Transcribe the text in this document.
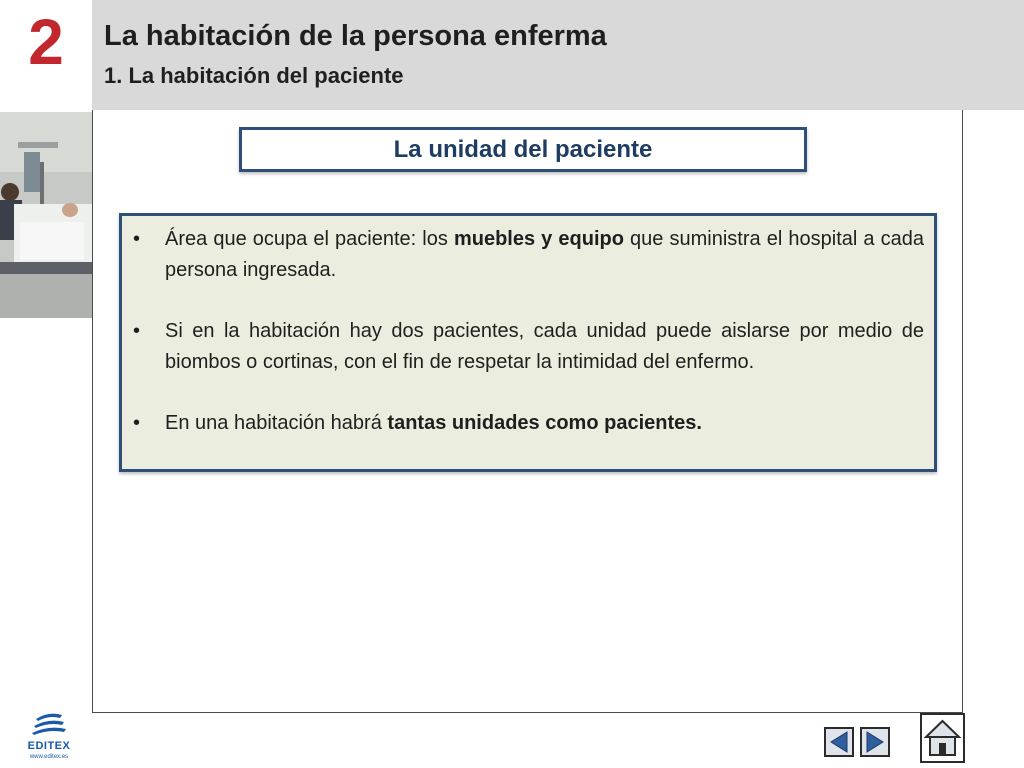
2	La habitación de la persona enferma
1. La habitación del paciente
La unidad del paciente
• Área que ocupa el paciente: los muebles y equipo que suministra el hospital a cada persona ingresada.
• Si en la habitación hay dos pacientes, cada unidad puede aislarse por medio de biombos o cortinas, con el fin de respetar la intimidad del enfermo.
• En una habitación habrá tantas unidades como pacientes.
EDITEX
www.editex.es
